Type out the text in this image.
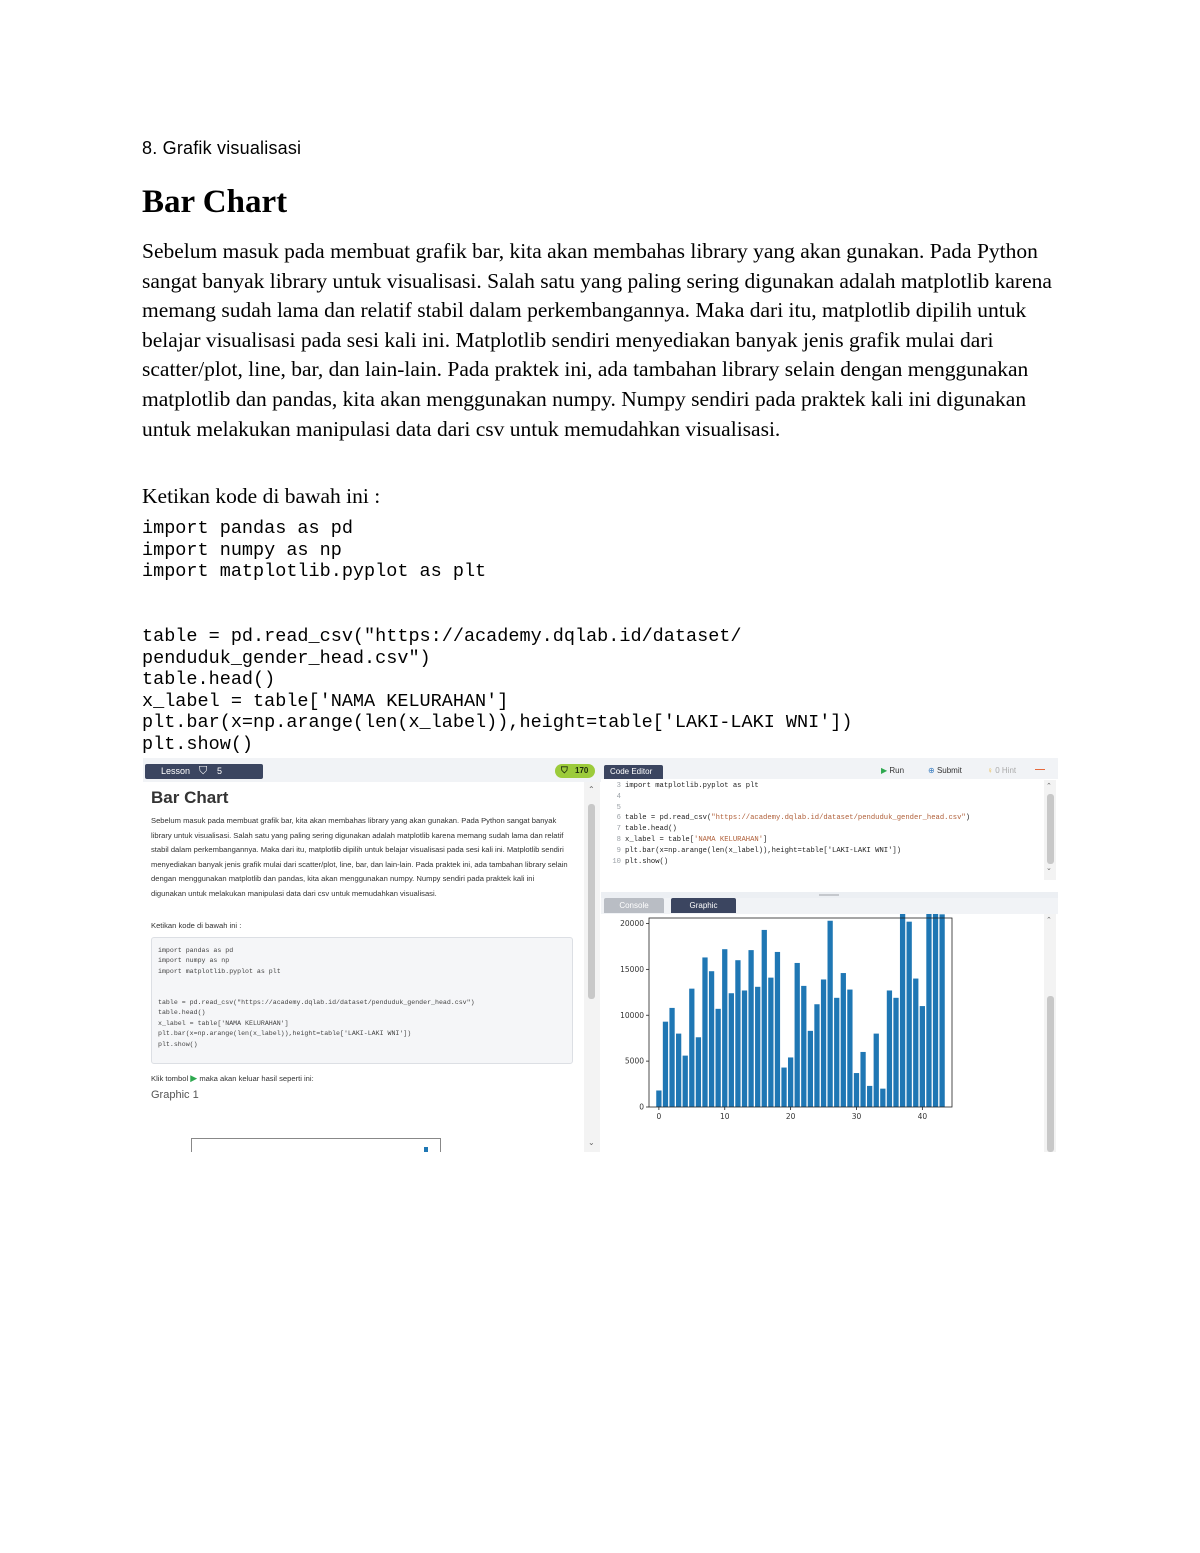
8. Grafik visualisasi
Bar Chart
Sebelum masuk pada membuat grafik bar, kita akan membahas library yang akan gunakan. Pada Python sangat banyak library untuk visualisasi. Salah satu yang paling sering digunakan adalah matplotlib karena memang sudah lama dan relatif stabil dalam perkembangannya. Maka dari itu, matplotlib dipilih untuk belajar visualisasi pada sesi kali ini. Matplotlib sendiri menyediakan banyak jenis grafik mulai dari scatter/plot, line, bar, dan lain-lain. Pada praktek ini, ada tambahan library selain dengan menggunakan matplotlib dan pandas, kita akan menggunakan numpy. Numpy sendiri pada praktek kali ini digunakan untuk melakukan manipulasi data dari csv untuk memudahkan visualisasi.
Ketikan kode di bawah ini :
import pandas as pd
import numpy as np
import matplotlib.pyplot as plt

table = pd.read_csv("https://academy.dqlab.id/dataset/
penduduk_gender_head.csv")
table.head()
x_label = table['NAMA KELURAHAN']
plt.bar(x=np.arange(len(x_label)),height=table['LAKI-LAKI WNI'])
plt.show()
Lesson ⛉ 5	⛉ 170
Bar Chart
Sebelum masuk pada membuat grafik bar, kita akan membahas library yang akan gunakan. Pada Python sangat banyak library untuk visualisasi. Salah satu yang paling sering digunakan adalah matplotlib karena memang sudah lama dan relatif stabil dalam perkembangannya. Maka dari itu, matplotlib dipilih untuk belajar visualisasi pada sesi kali ini. Matplotlib sendiri menyediakan banyak jenis grafik mulai dari scatter/plot, line, bar, dan lain-lain. Pada praktek ini, ada tambahan library selain dengan menggunakan matplotlib dan pandas, kita akan menggunakan numpy. Numpy sendiri pada praktek kali ini digunakan untuk melakukan manipulasi data dari csv untuk memudahkan visualisasi.
Ketikan kode di bawah ini :
import pandas as pd
import numpy as np
import matplotlib.pyplot as plt

table = pd.read_csv("https://academy.dqlab.id/dataset/penduduk_gender_head.csv")
table.head()
x_label = table['NAMA KELURAHAN']
plt.bar(x=np.arange(len(x_label)),height=table['LAKI-LAKI WNI'])
plt.show()
Klik tombol ▶ maka akan keluar hasil seperti ini:
Graphic 1
⌃
⌄
Code Editor	▶ Run	⊕ Submit	♀ 0 Hint —
3 import matplotlib.pyplot as plt
4
5
6 table = pd.read_csv("https://academy.dqlab.id/dataset/penduduk_gender_head.csv")
7 table.head()
8 x_label = table['NAMA KELURAHAN']
9 plt.bar(x=np.arange(len(x_label)),height=table['LAKI-LAKI WNI'])
10 plt.show()
⌃
⌄
Console	Graphic
0
5000
10000
15000
20000
0	10	20	30	40
⌃
